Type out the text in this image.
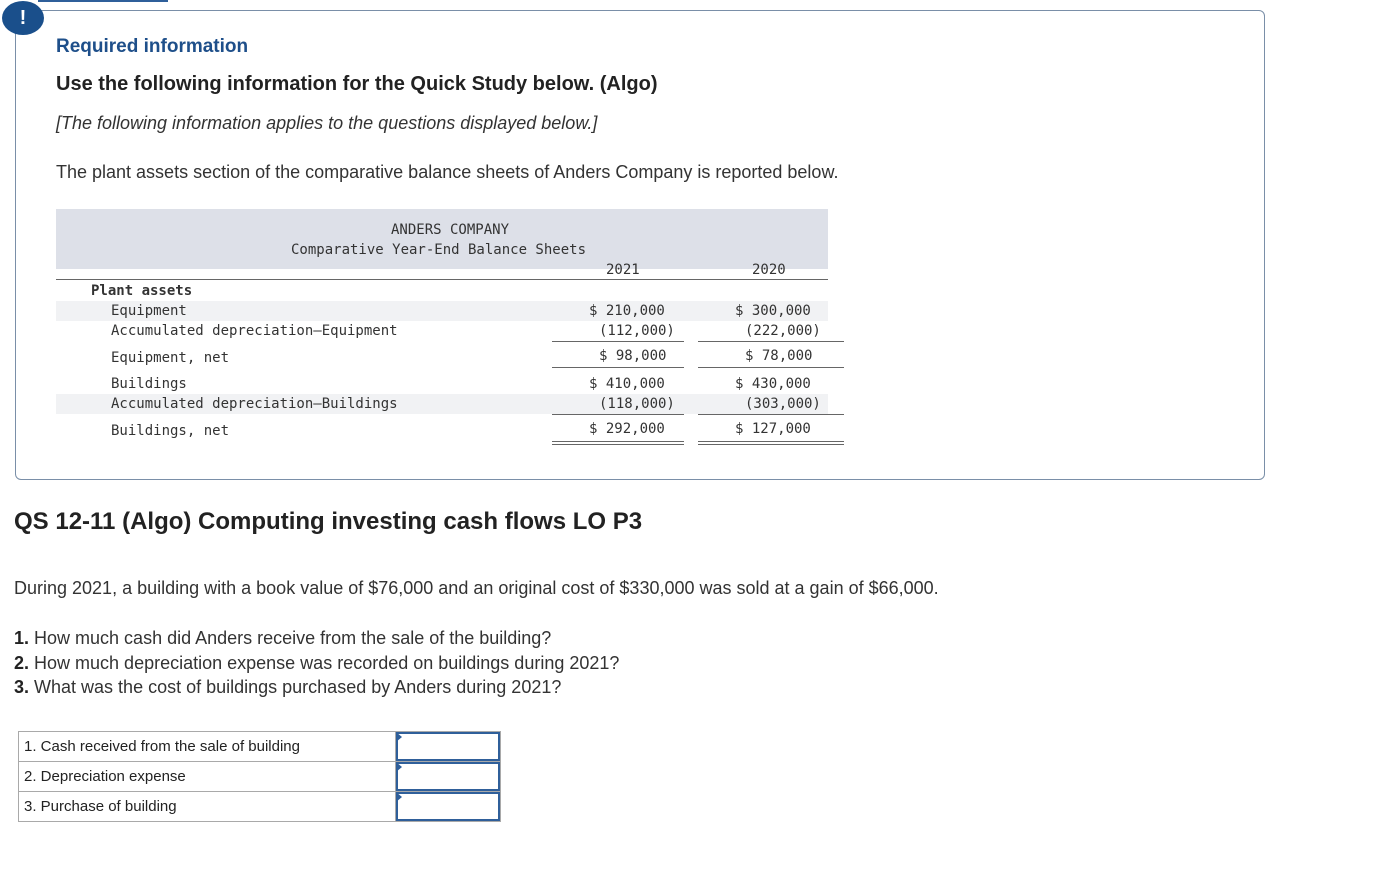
!
Required information
Use the following information for the Quick Study below. (Algo)
[The following information applies to the questions displayed below.]
The plant assets section of the comparative balance sheets of Anders Company is reported below.
ANDERS COMPANY
Comparative Year-End Balance Sheets
2021	2020
Plant assets
Equipment	$ 210,000	$ 300,000
Accumulated depreciation—Equipment	(112,000)	(222,000)
Equipment, net	$ 98,000	$ 78,000
Buildings	$ 410,000	$ 430,000
Accumulated depreciation—Buildings	(118,000)	(303,000)
Buildings, net	$ 292,000	$ 127,000
QS 12-11 (Algo) Computing investing cash flows LO P3
During 2021, a building with a book value of $76,000 and an original cost of $330,000 was sold at a gain of $66,000.
1. How much cash did Anders receive from the sale of the building?
2. How much depreciation expense was recorded on buildings during 2021?
3. What was the cost of buildings purchased by Anders during 2021?
1. Cash received from the sale of building	

2. Depreciation expense	

3. Purchase of building	
